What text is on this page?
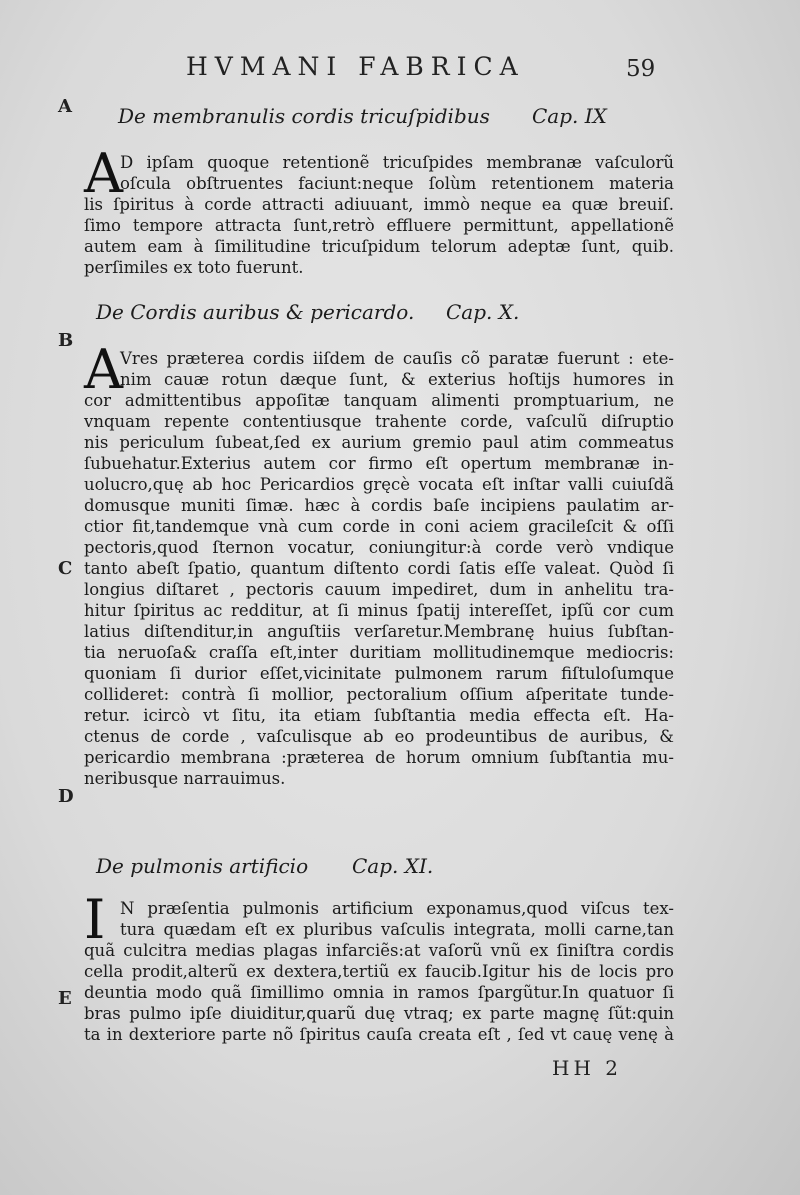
HVMANI FABRICA	59
A
B
C
D
E
De membranulis cordis tricuſpidibus Cap. IX
A
D ipſam quoque retentionẽ tricuſpides membranæ vaſculorũ
oſcula obſtruentes faciunt:neque ſolùm retentionem materia
lis ſpiritus à corde attracti adiuuant, immò neque ea quæ breuiſ.
ſimo tempore attracta ſunt,retrò effluere permittunt, appellationẽ
autem eam à ſimilitudine tricuſpidum telorum adeptæ ſunt, quib.
perſimiles ex toto fuerunt.
De Cordis auribus & pericardo. Cap. X.
A
Vres præterea cordis iiſdem de cauſis cõ paratæ fuerunt : ete-
nim cauæ rotun dæque ſunt, & exterius hoſtijs humores in
cor admittentibus appoſitæ tanquam alimenti promptuarium, ne
vnquam repente contentiusque trahente corde, vaſculũ diſruptio
nis periculum ſubeat,ſed ex aurium gremio paul atim commeatus
ſubuehatur.Exterius autem cor firmo eſt opertum membranæ in-
uolucro,quę ab hoc Pericardios gręcè vocata eſt inſtar valli cuiuſdã
domusque muniti ſimæ. hæc à cordis baſe incipiens paulatim ar-
ctior fit,tandemque vnà cum corde in coni aciem gracileſcit & oſſi
pectoris,quod ſternon vocatur, coniungitur:à corde verò vndique
tanto abeſt ſpatio, quantum diſtento cordi ſatis eſſe valeat. Quòd ſi
longius diſtaret , pectoris cauum impediret, dum in anhelitu tra-
hitur ſpiritus ac redditur, at ſi minus ſpatij intereſſet, ipſũ cor cum
latius diſtenditur,in anguſtiis verſaretur.Membranę huius ſubſtan-
tia neruoſa& craſſa eſt,inter duritiam mollitudinemque mediocris:
quoniam ſi durior eſſet,vicinitate pulmonem rarum fiſtuloſumque
collideret: contrà ſi mollior, pectoralium oſſium aſperitate tunde-
retur. icircò vt ſitu, ita etiam ſubſtantia media effecta eſt. Ha-
ctenus de corde , vaſculisque ab eo prodeuntibus de auribus, &
pericardio membrana :præterea de horum omnium ſubſtantia mu-
neribusque narrauimus.
De pulmonis artificio Cap. XI.
I N præſentia pulmonis artificium exponamus,quod viſcus tex-
tura quædam eſt ex pluribus vaſculis integrata, molli carne,tan
quã culcitra medias plagas infarciẽs:at vaſorũ vnũ ex ſiniſtra cordis
cella prodit,alterũ ex dextera,tertiũ ex faucib.Igitur his de locis pro
deuntia modo quã ſimillimo omnia in ramos ſpargũtur.In quatuor ſi
bras pulmo ipſe diuiditur,quarũ duę vtraq; ex parte magnę ſũt:quin
ta in dexteriore parte nõ ſpiritus cauſa creata eſt , ſed vt cauę venę à
HH 2
